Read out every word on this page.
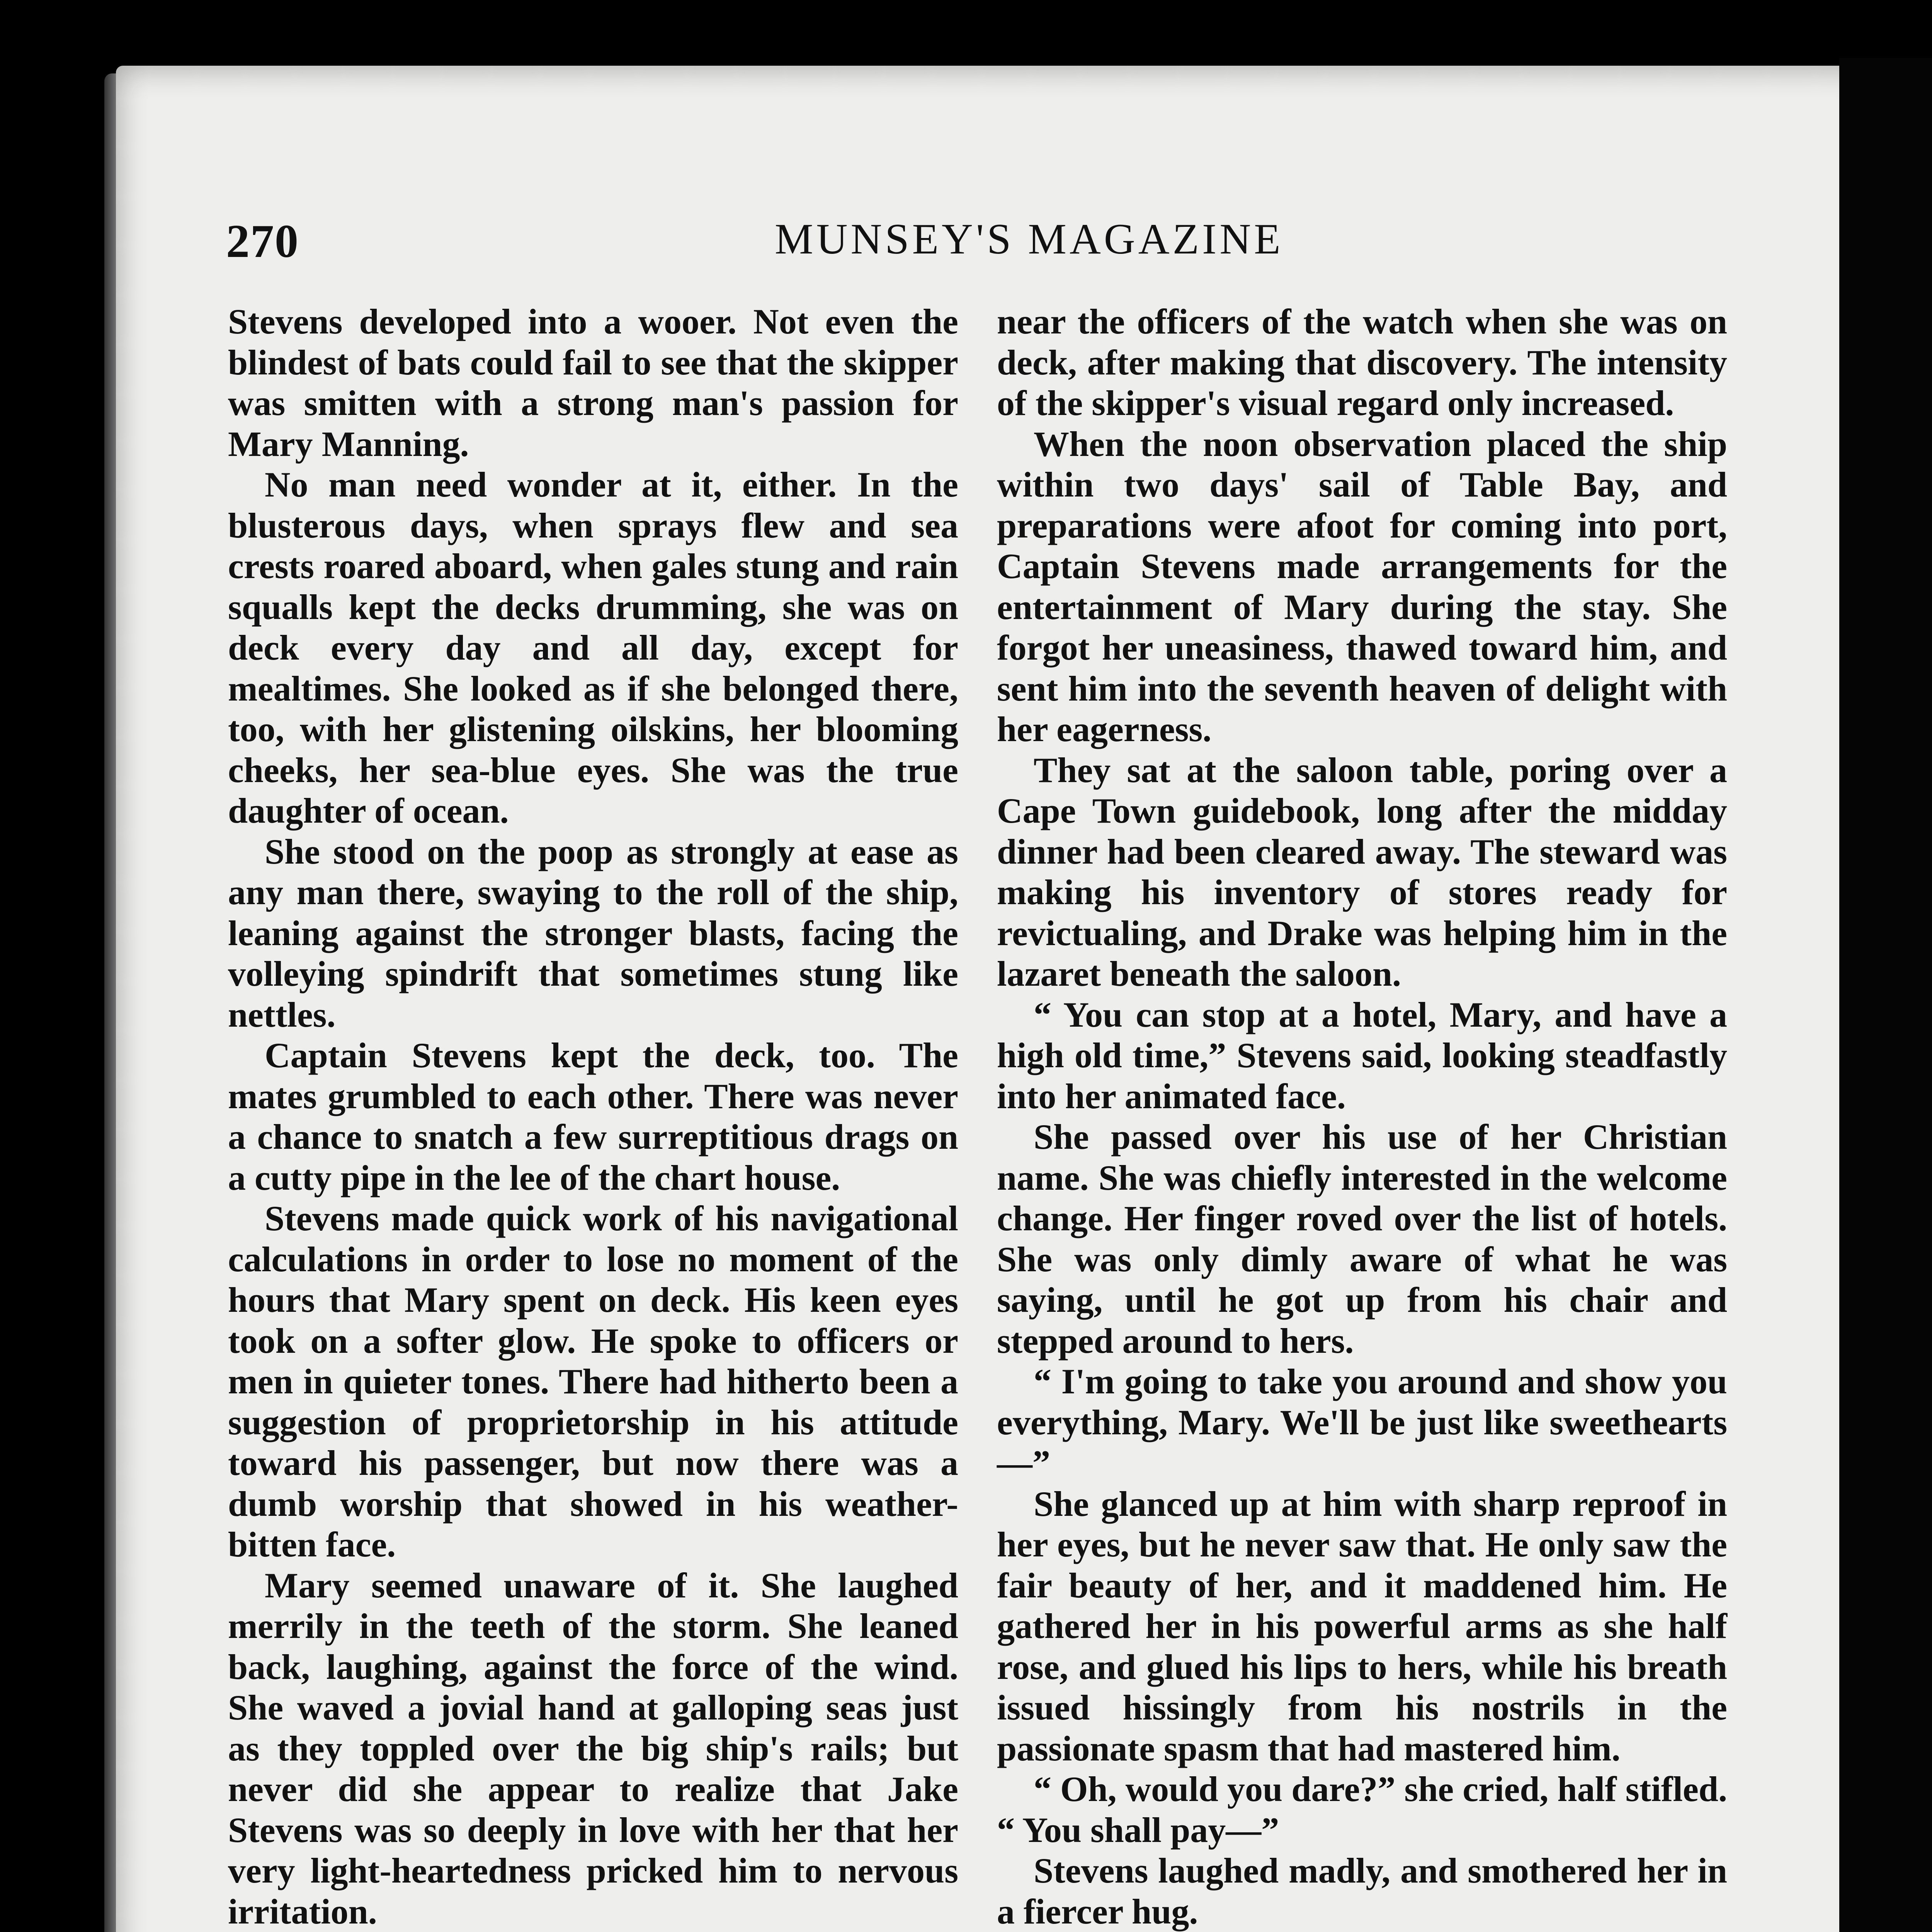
270	MUNSEY'S MAGAZINE

Stevens developed into a wooer. Not even the blindest of bats could fail to see that the skipper was smitten with a strong man's passion for Mary Manning.

No man need wonder at it, either. In the blusterous days, when sprays flew and sea crests roared aboard, when gales stung and rain squalls kept the decks drumming, she was on deck every day and all day, except for mealtimes. She looked as if she belonged there, too, with her glistening oilskins, her blooming cheeks, her sea-blue eyes. She was the true daughter of ocean.

She stood on the poop as strongly at ease as any man there, swaying to the roll of the ship, leaning against the stronger blasts, facing the volleying spindrift that sometimes stung like nettles.

Captain Stevens kept the deck, too. The mates grumbled to each other. There was never a chance to snatch a few surreptitious drags on a cutty pipe in the lee of the chart house.

Stevens made quick work of his navigational calculations in order to lose no moment of the hours that Mary spent on deck. His keen eyes took on a softer glow. He spoke to officers or men in quieter tones. There had hitherto been a suggestion of proprietorship in his attitude toward his passenger, but now there was a dumb worship that showed in his weather-bitten face.

Mary seemed unaware of it. She laughed merrily in the teeth of the storm. She leaned back, laughing, against the force of the wind. She waved a jovial hand at galloping seas just as they toppled over the big ship's rails; but never did she appear to realize that Jake Stevens was so deeply in love with her that her very light-heartedness pricked him to nervous irritation.

near the officers of the watch when she was on deck, after making that discovery. The intensity of the skipper's visual regard only increased.

When the noon observation placed the ship within two days' sail of Table Bay, and preparations were afoot for coming into port, Captain Stevens made arrangements for the entertainment of Mary during the stay. She forgot her uneasiness, thawed toward him, and sent him into the seventh heaven of delight with her eagerness.

They sat at the saloon table, poring over a Cape Town guidebook, long after the midday dinner had been cleared away. The steward was making his inventory of stores ready for revictualing, and Drake was helping him in the lazaret beneath the saloon.

“ You can stop at a hotel, Mary, and have a high old time,” Stevens said, looking steadfastly into her animated face.

She passed over his use of her Christian name. She was chiefly interested in the welcome change. Her finger roved over the list of hotels. She was only dimly aware of what he was saying, until he got up from his chair and stepped around to hers.

“ I'm going to take you around and show you everything, Mary. We'll be just like sweethearts—”

She glanced up at him with sharp reproof in her eyes, but he never saw that. He only saw the fair beauty of her, and it maddened him. He gathered her in his powerful arms as she half rose, and glued his lips to hers, while his breath issued hissingly from his nostrils in the passionate spasm that had mastered him.

“ Oh, would you dare?” she cried, half stifled. “ You shall pay—”

Stevens laughed madly, and smothered her in a fiercer hug.
